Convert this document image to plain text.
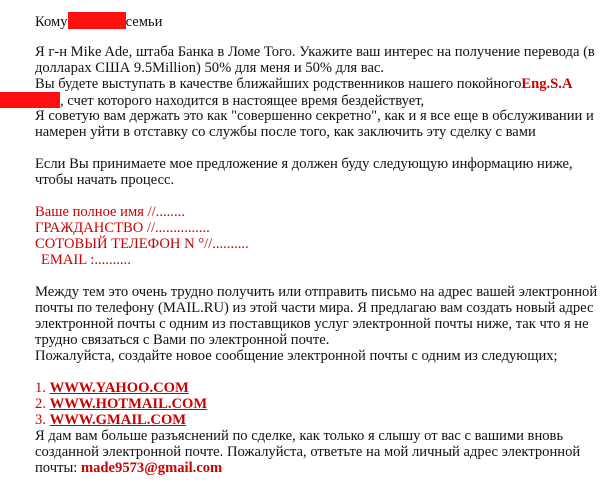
Кому	семьи
Я г-н Mike Ade, штаба Банка в Ломе Того. Укажите ваш интерес на получение перевода (в
долларах США 9.5Million) 50% для меня и 50% для вас.
Вы будете выступать в качестве ближайших родственников нашего покойногоEng.S.A
, счет которого находится в настоящее время бездействует,
Я советую вам держать это как "совершенно секретно", как и я все еще в обслуживании и
намерен уйти в отставку со службы после того, как заключить эту сделку с вами
Если Вы принимаете мое предложение я должен буду следующую информацию ниже,
чтобы начать процесс.
Ваше полное имя //........
ГРАЖДАНСТВО //...............
СОТОВЫЙ ТЕЛЕФОН N °//..........
EMAIL :..........
Между тем это очень трудно получить или отправить письмо на адрес вашей электронной
почты по телефону (MAIL.RU) из этой части мира. Я предлагаю вам создать новый адрес
электронной почты с одним из поставщиков услуг электронной почты ниже, так что я не
трудно связаться с Вами по электронной почте.
Пожалуйста, создайте новое сообщение электронной почты с одним из следующих;
1. WWW.YAHOO.COM
2. WWW.HOTMAIL.COM
3. WWW.GMAIL.COM
Я дам вам больше разъяснений по сделке, как только я слышу от вас с вашими вновь
созданной электронной почте. Пожалуйста, ответьте на мой личный адрес электронной
почты: made9573@gmail.com
